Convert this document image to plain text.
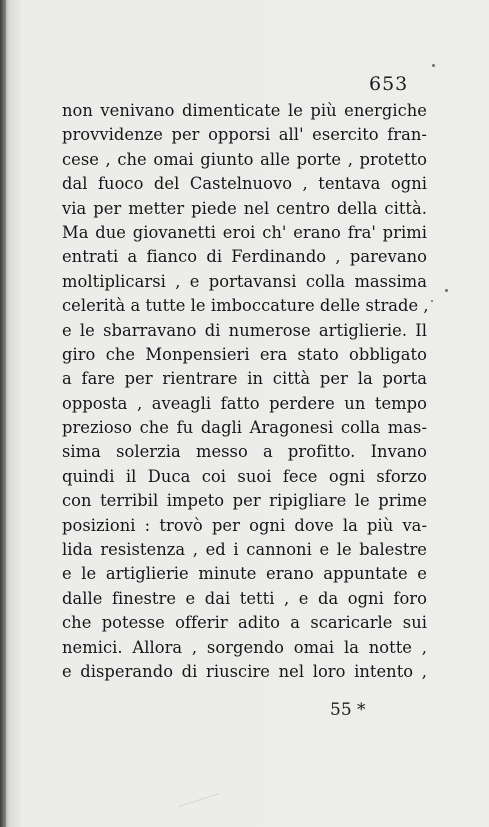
653
non venivano dimenticate le più energiche
provvidenze per opporsi all' esercito fran-
cese , che omai giunto alle porte , protetto
dal fuoco del Castelnuovo , tentava ogni
via per metter piede nel centro della città.
Ma due giovanetti eroi ch' erano fra' primi
entrati a fianco di Ferdinando , parevano
moltiplicarsi , e portavansi colla massima
celerità a tutte le imboccature delle strade ,
e le sbarravano di numerose artiglierie. Il
giro che Monpensieri era stato obbligato
a fare per rientrare in città per la porta
opposta , aveagli fatto perdere un tempo
prezioso che fu dagli Aragonesi colla mas-
sima solerzia messo a profitto. Invano
quindi il Duca coi suoi fece ogni sforzo
con terribil impeto per ripigliare le prime
posizioni : trovò per ogni dove la più va-
lida resistenza , ed i cannoni e le balestre
e le artiglierie minute erano appuntate e
dalle finestre e dai tetti , e da ogni foro
che potesse offerir adito a scaricarle sui
nemici. Allora , sorgendo omai la notte ,
e disperando di riuscire nel loro intento ,
55 *
